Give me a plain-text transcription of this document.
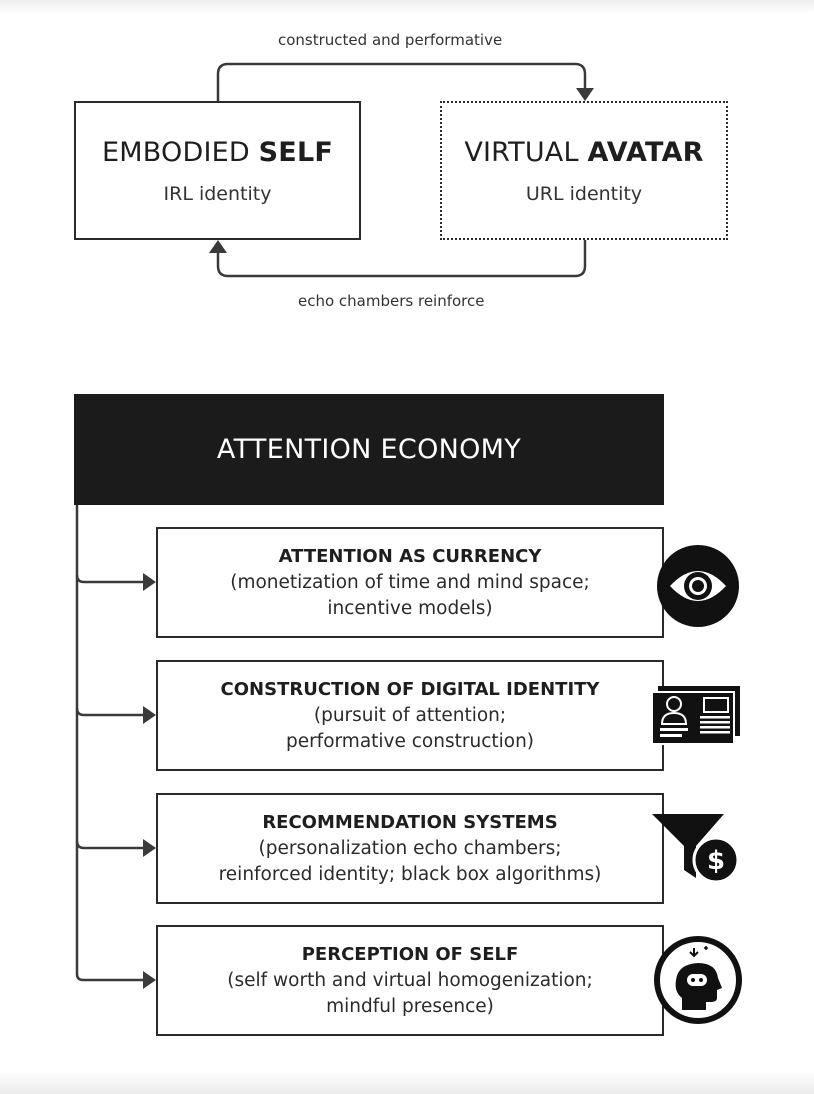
constructed and performative
echo chambers reinforce
EMBODIED SELF
IRL identity
VIRTUAL AVATAR
URL identity
ATTENTION ECONOMY
ATTENTION AS CURRENCY
(monetization of time and mind space;
incentive models)
CONSTRUCTION OF DIGITAL IDENTITY
(pursuit of attention;
performative construction)
RECOMMENDATION SYSTEMS
(personalization echo chambers;
reinforced identity; black box algorithms)
PERCEPTION OF SELF
(self worth and virtual homogenization;
mindful presence)
$
